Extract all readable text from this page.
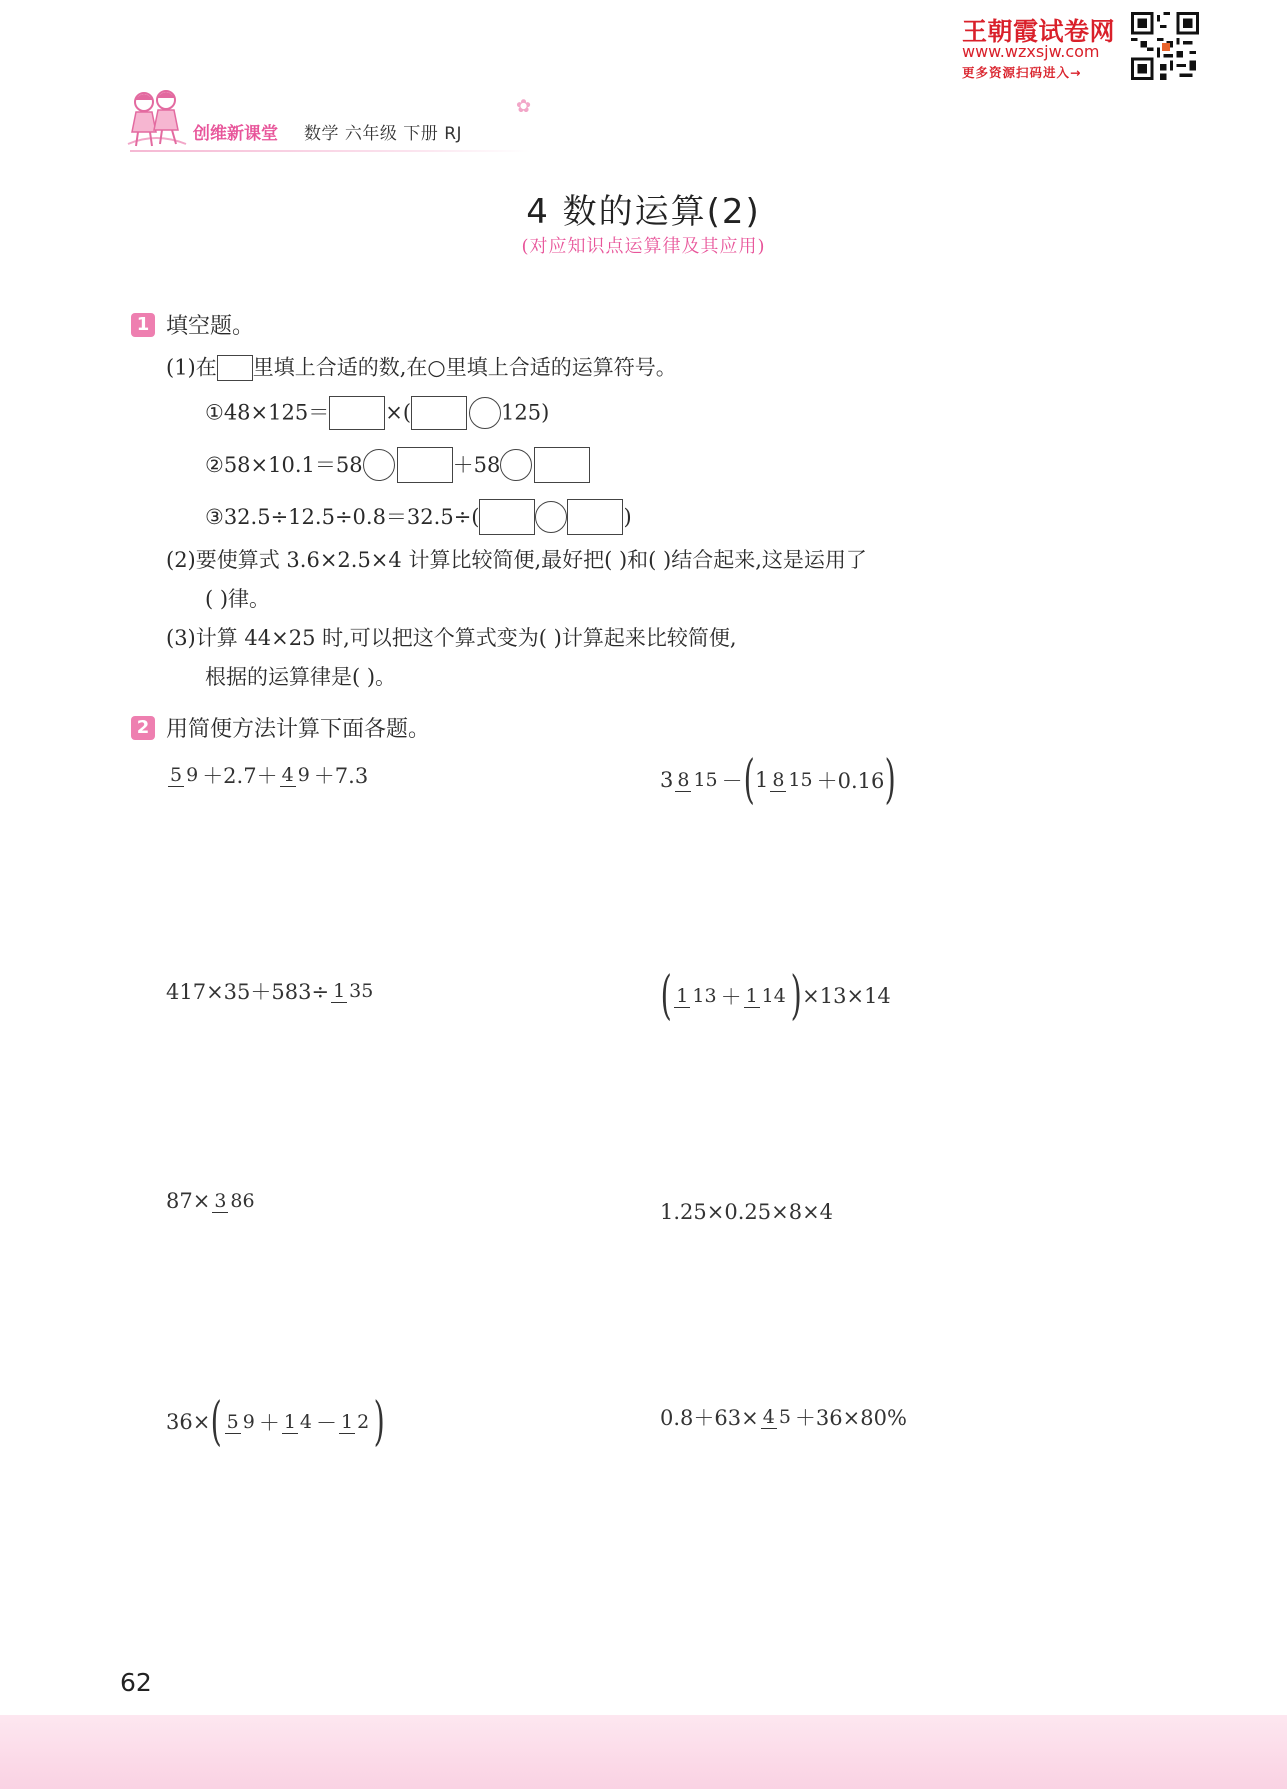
创维新课堂 数学 六年级 下册 RJ
✿
王朝霞试卷网
www.wzxsjw.com
更多资源扫码进入→
4 数的运算(2)
(对应知识点运算律及其应用)
1 填空题。
(1)在 里填上合适的数,在○里填上合适的运算符号。
①48×125＝	×(	125)
②58×10.1＝58	＋58
③32.5÷12.5÷0.8＝32.5÷(	)
(2)要使算式 3.6×2.5×4 计算比较简便,最好把( )和( )结合起来,这是运用了
( )律。
(3)计算 44×25 时,可以把这个算式变为( )计算起来比较简便,
根据的运算律是( )。
2 用简便方法计算下面各题。
5 9 ＋2.7＋ 4 9 ＋7.3	3 8 15 － ( 1 8 15 ＋0.16 )
417×35＋583÷ 1 35	( 1 13 ＋ 1 14 ) ×13×14
87× 3 86	1.25×0.25×8×4
36× ( 5 9 ＋ 1 4 － 1 2 )	0.8＋63× 4 5 ＋36×80%
62
